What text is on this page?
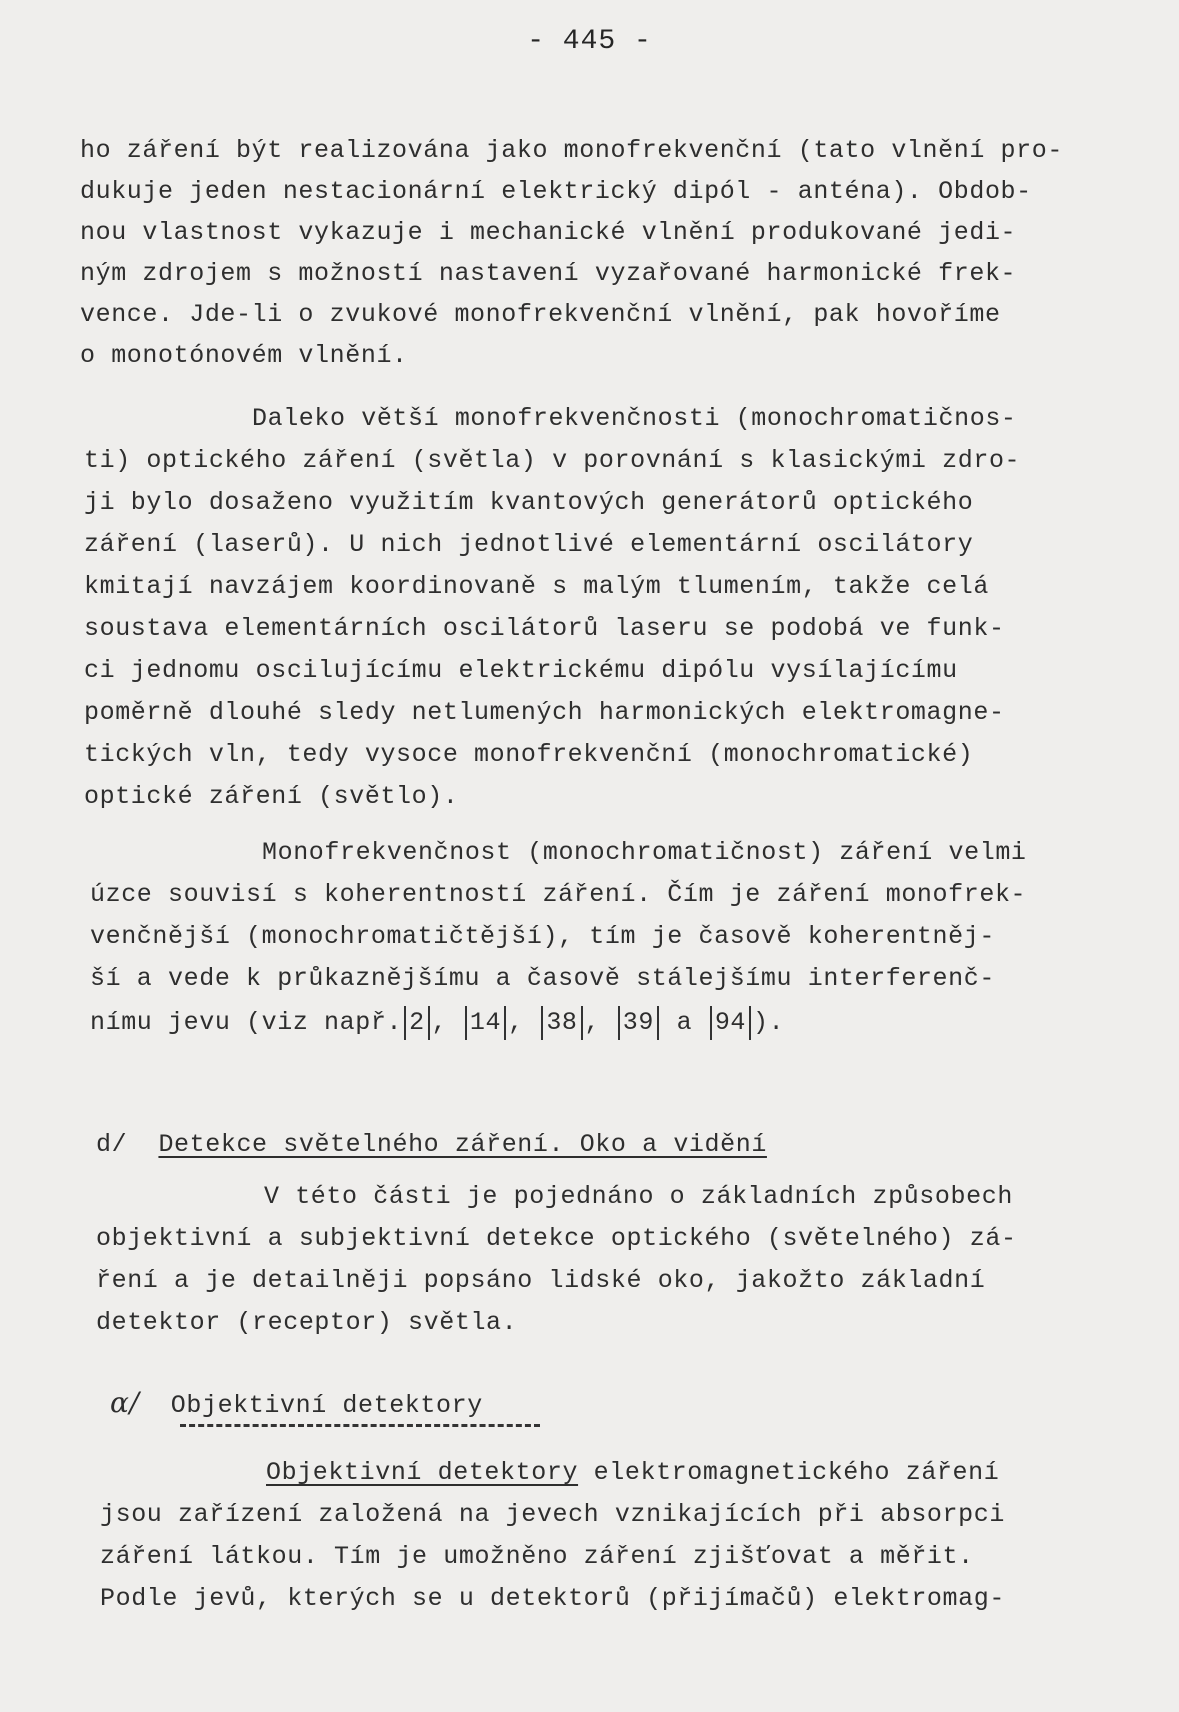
- 445 -
ho záření být realizována jako monofrekvenční (tato vlnění pro-
dukuje jeden nestacionární elektrický dipól - anténa). Obdob-
nou vlastnost vykazuje i mechanické vlnění produkované jedi-
ným zdrojem s možností nastavení vyzařované harmonické frek-
vence. Jde-li o zvukové monofrekvenční vlnění, pak hovoříme
o monotónovém vlnění.
Daleko větší monofrekvenčnosti (monochromatičnos-
ti) optického záření (světla) v porovnání s klasickými zdro-
ji bylo dosaženo využitím kvantových generátorů optického
záření (laserů). U nich jednotlivé elementární oscilátory
kmitají navzájem koordinovaně s malým tlumením, takže celá
soustava elementárních oscilátorů laseru se podobá ve funk-
ci jednomu oscilujícímu elektrickému dipólu vysílajícímu
poměrně dlouhé sledy netlumených harmonických elektromagne-
tických vln, tedy vysoce monofrekvenční (monochromatické)
optické záření (světlo).
Monofrekvenčnost (monochromatičnost) záření velmi
úzce souvisí s koherentností záření. Čím je záření monofrek-
venčnější (monochromatičtější), tím je časově koherentněj-
ší a vede k průkaznějšímu a časově stálejšímu interferenč-
nímu jevu (viz např. 2 , 14 , 38 , 39 a 94 ).
d/ Detekce světelného záření. Oko a vidění
V této části je pojednáno o základních způsobech
objektivní a subjektivní detekce optického (světelného) zá-
ření a je detailněji popsáno lidské oko, jakožto základní
detektor (receptor) světla.
α/ Objektivní detektory
Objektivní detektory elektromagnetického záření
jsou zařízení založená na jevech vznikajících při absorpci
záření látkou. Tím je umožněno záření zjišťovat a měřit.
Podle jevů, kterých se u detektorů (přijímačů) elektromag-
